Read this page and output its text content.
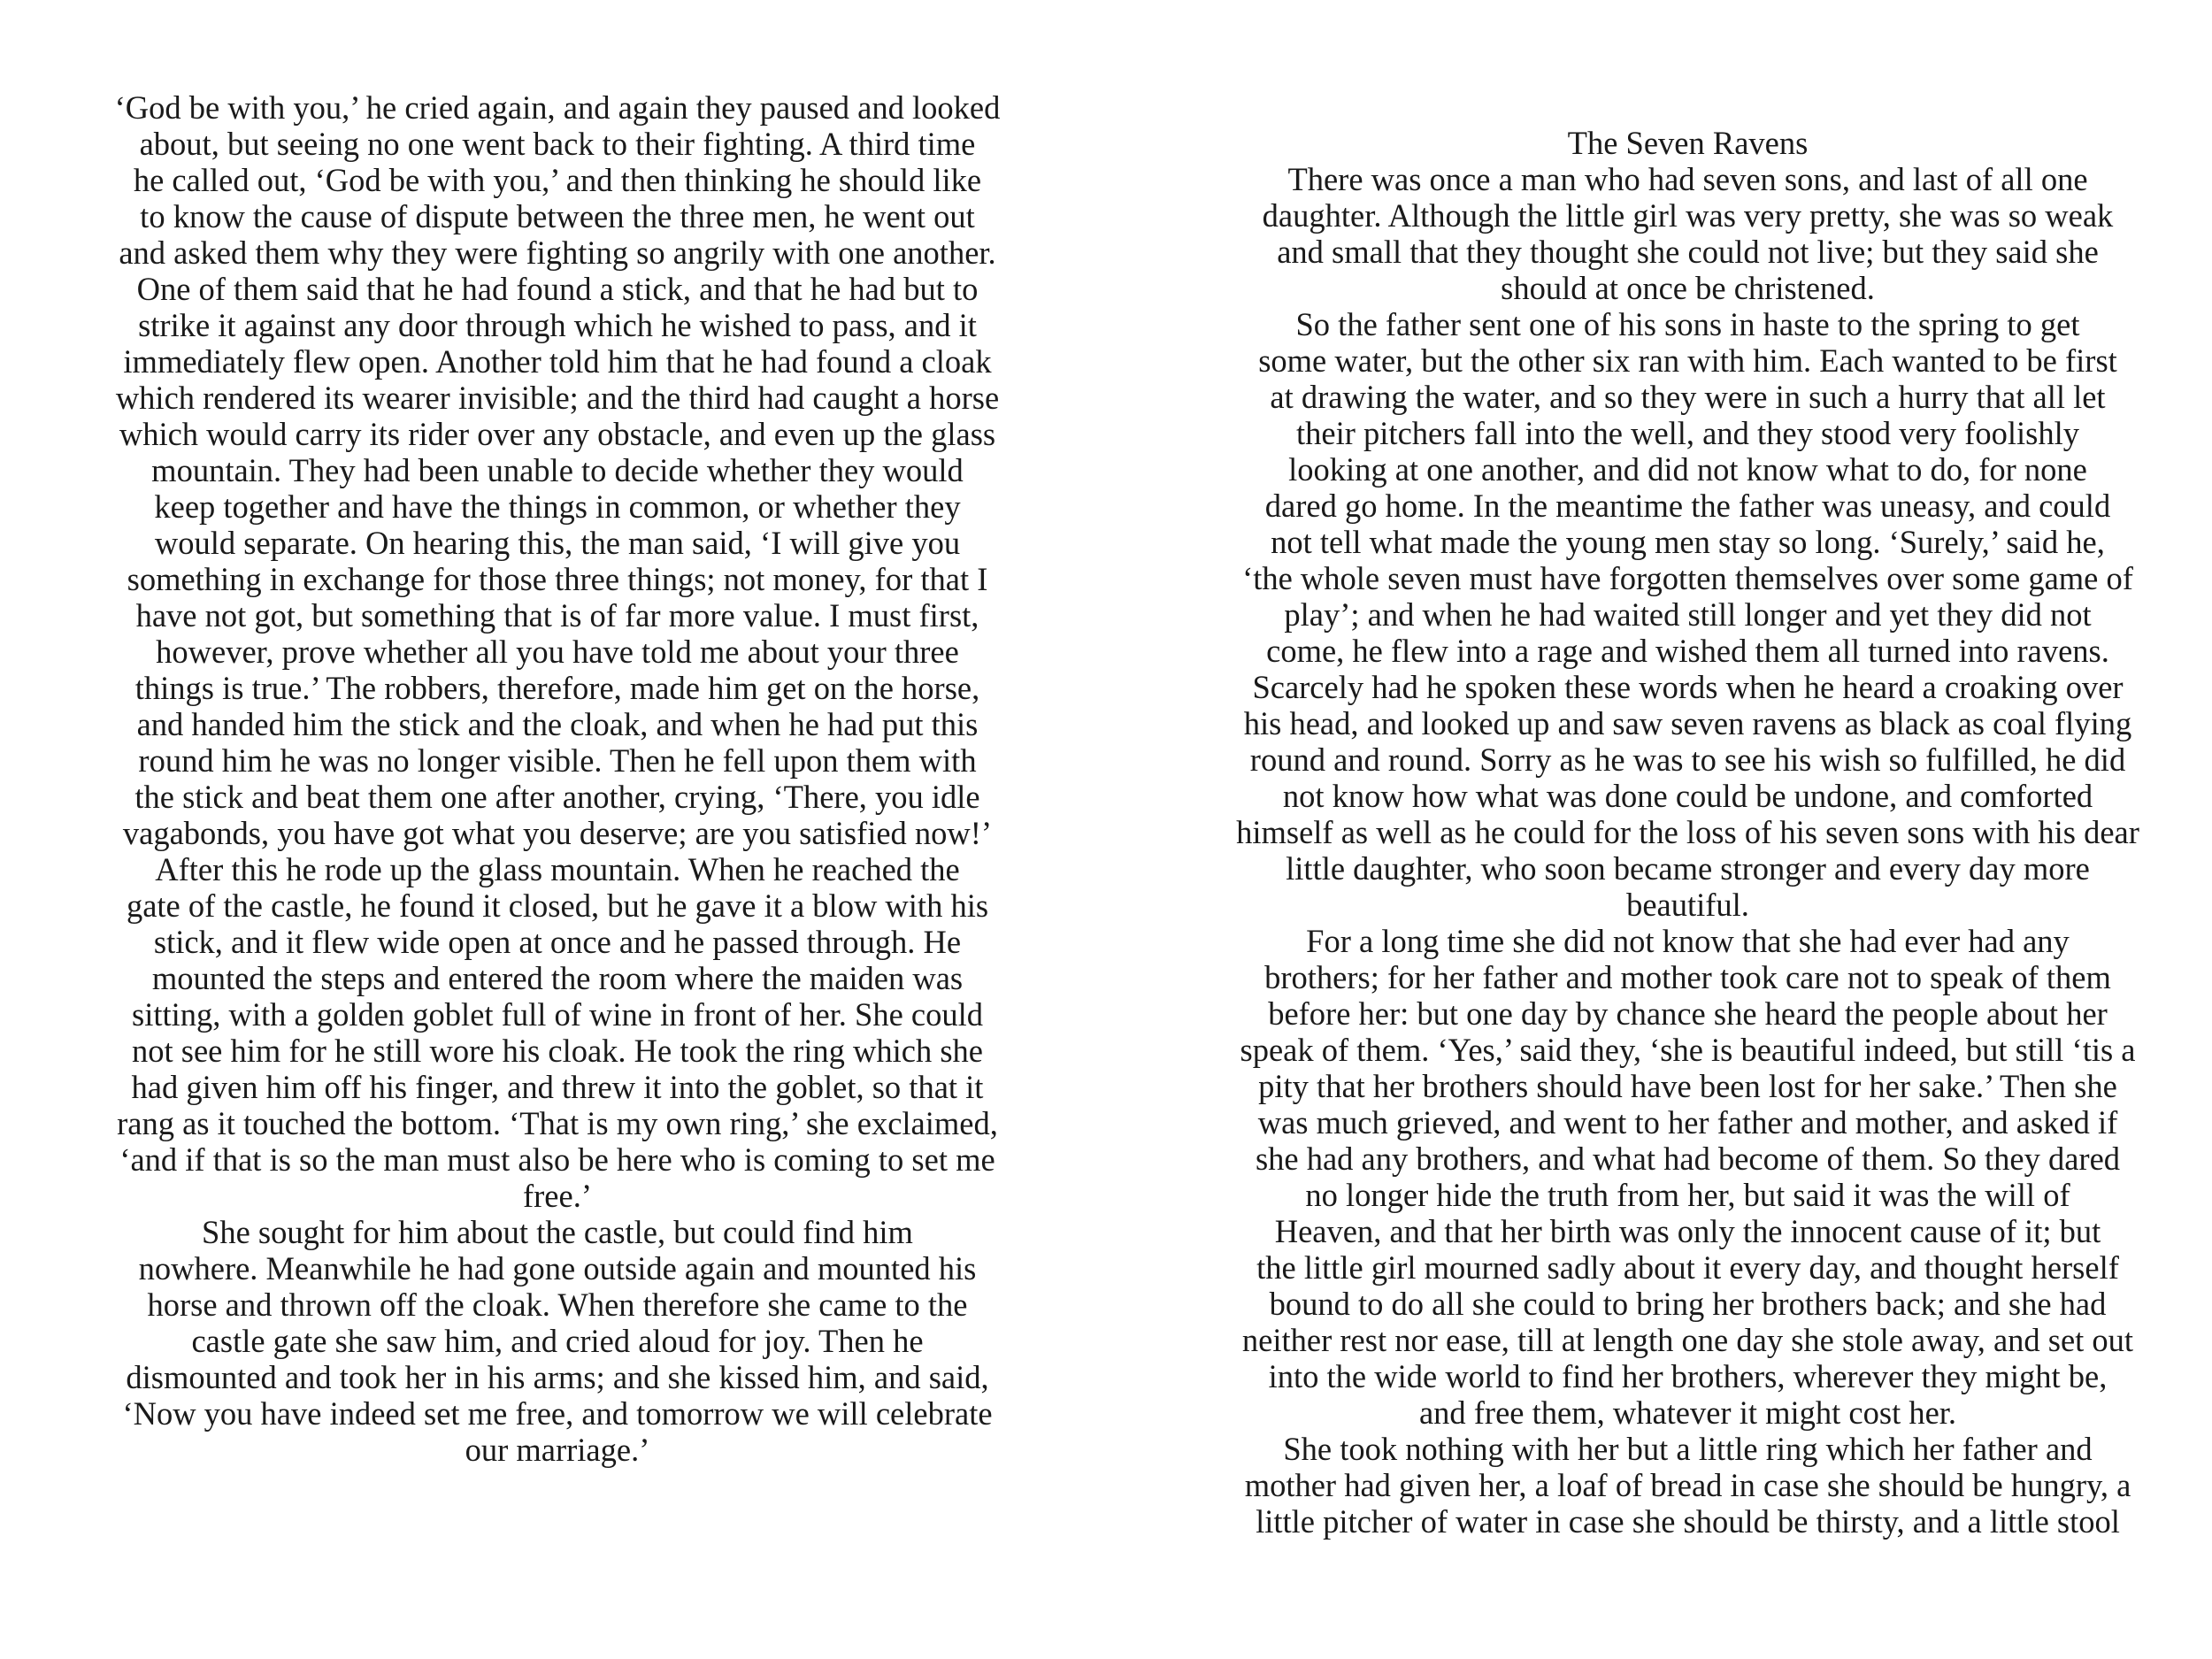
‘God be with you,’ he cried again, and again they paused and looked
about, but seeing no one went back to their fighting. A third time
he called out, ‘God be with you,’ and then thinking he should like
to know the cause of dispute between the three men, he went out
and asked them why they were fighting so angrily with one another.
One of them said that he had found a stick, and that he had but to
strike it against any door through which he wished to pass, and it
immediately flew open. Another told him that he had found a cloak
which rendered its wearer invisible; and the third had caught a horse
which would carry its rider over any obstacle, and even up the glass
mountain. They had been unable to decide whether they would
keep together and have the things in common, or whether they
would separate. On hearing this, the man said, ‘I will give you
something in exchange for those three things; not money, for that I
have not got, but something that is of far more value. I must first,
however, prove whether all you have told me about your three
things is true.’ The robbers, therefore, made him get on the horse,
and handed him the stick and the cloak, and when he had put this
round him he was no longer visible. Then he fell upon them with
the stick and beat them one after another, crying, ‘There, you idle
vagabonds, you have got what you deserve; are you satisfied now!’
After this he rode up the glass mountain. When he reached the
gate of the castle, he found it closed, but he gave it a blow with his
stick, and it flew wide open at once and he passed through. He
mounted the steps and entered the room where the maiden was
sitting, with a golden goblet full of wine in front of her. She could
not see him for he still wore his cloak. He took the ring which she
had given him off his finger, and threw it into the goblet, so that it
rang as it touched the bottom. ‘That is my own ring,’ she exclaimed,
‘and if that is so the man must also be here who is coming to set me
free.’
She sought for him about the castle, but could find him
nowhere. Meanwhile he had gone outside again and mounted his
horse and thrown off the cloak. When therefore she came to the
castle gate she saw him, and cried aloud for joy. Then he
dismounted and took her in his arms; and she kissed him, and said,
‘Now you have indeed set me free, and tomorrow we will celebrate
our marriage.’
The Seven Ravens
There was once a man who had seven sons, and last of all one
daughter. Although the little girl was very pretty, she was so weak
and small that they thought she could not live; but they said she
should at once be christened.
So the father sent one of his sons in haste to the spring to get
some water, but the other six ran with him. Each wanted to be first
at drawing the water, and so they were in such a hurry that all let
their pitchers fall into the well, and they stood very foolishly
looking at one another, and did not know what to do, for none
dared go home. In the meantime the father was uneasy, and could
not tell what made the young men stay so long. ‘Surely,’ said he,
‘the whole seven must have forgotten themselves over some game of
play’; and when he had waited still longer and yet they did not
come, he flew into a rage and wished them all turned into ravens.
Scarcely had he spoken these words when he heard a croaking over
his head, and looked up and saw seven ravens as black as coal flying
round and round. Sorry as he was to see his wish so fulfilled, he did
not know how what was done could be undone, and comforted
himself as well as he could for the loss of his seven sons with his dear
little daughter, who soon became stronger and every day more
beautiful.
For a long time she did not know that she had ever had any
brothers; for her father and mother took care not to speak of them
before her: but one day by chance she heard the people about her
speak of them. ‘Yes,’ said they, ‘she is beautiful indeed, but still ‘tis a
pity that her brothers should have been lost for her sake.’ Then she
was much grieved, and went to her father and mother, and asked if
she had any brothers, and what had become of them. So they dared
no longer hide the truth from her, but said it was the will of
Heaven, and that her birth was only the innocent cause of it; but
the little girl mourned sadly about it every day, and thought herself
bound to do all she could to bring her brothers back; and she had
neither rest nor ease, till at length one day she stole away, and set out
into the wide world to find her brothers, wherever they might be,
and free them, whatever it might cost her.
She took nothing with her but a little ring which her father and
mother had given her, a loaf of bread in case she should be hungry, a
little pitcher of water in case she should be thirsty, and a little stool
